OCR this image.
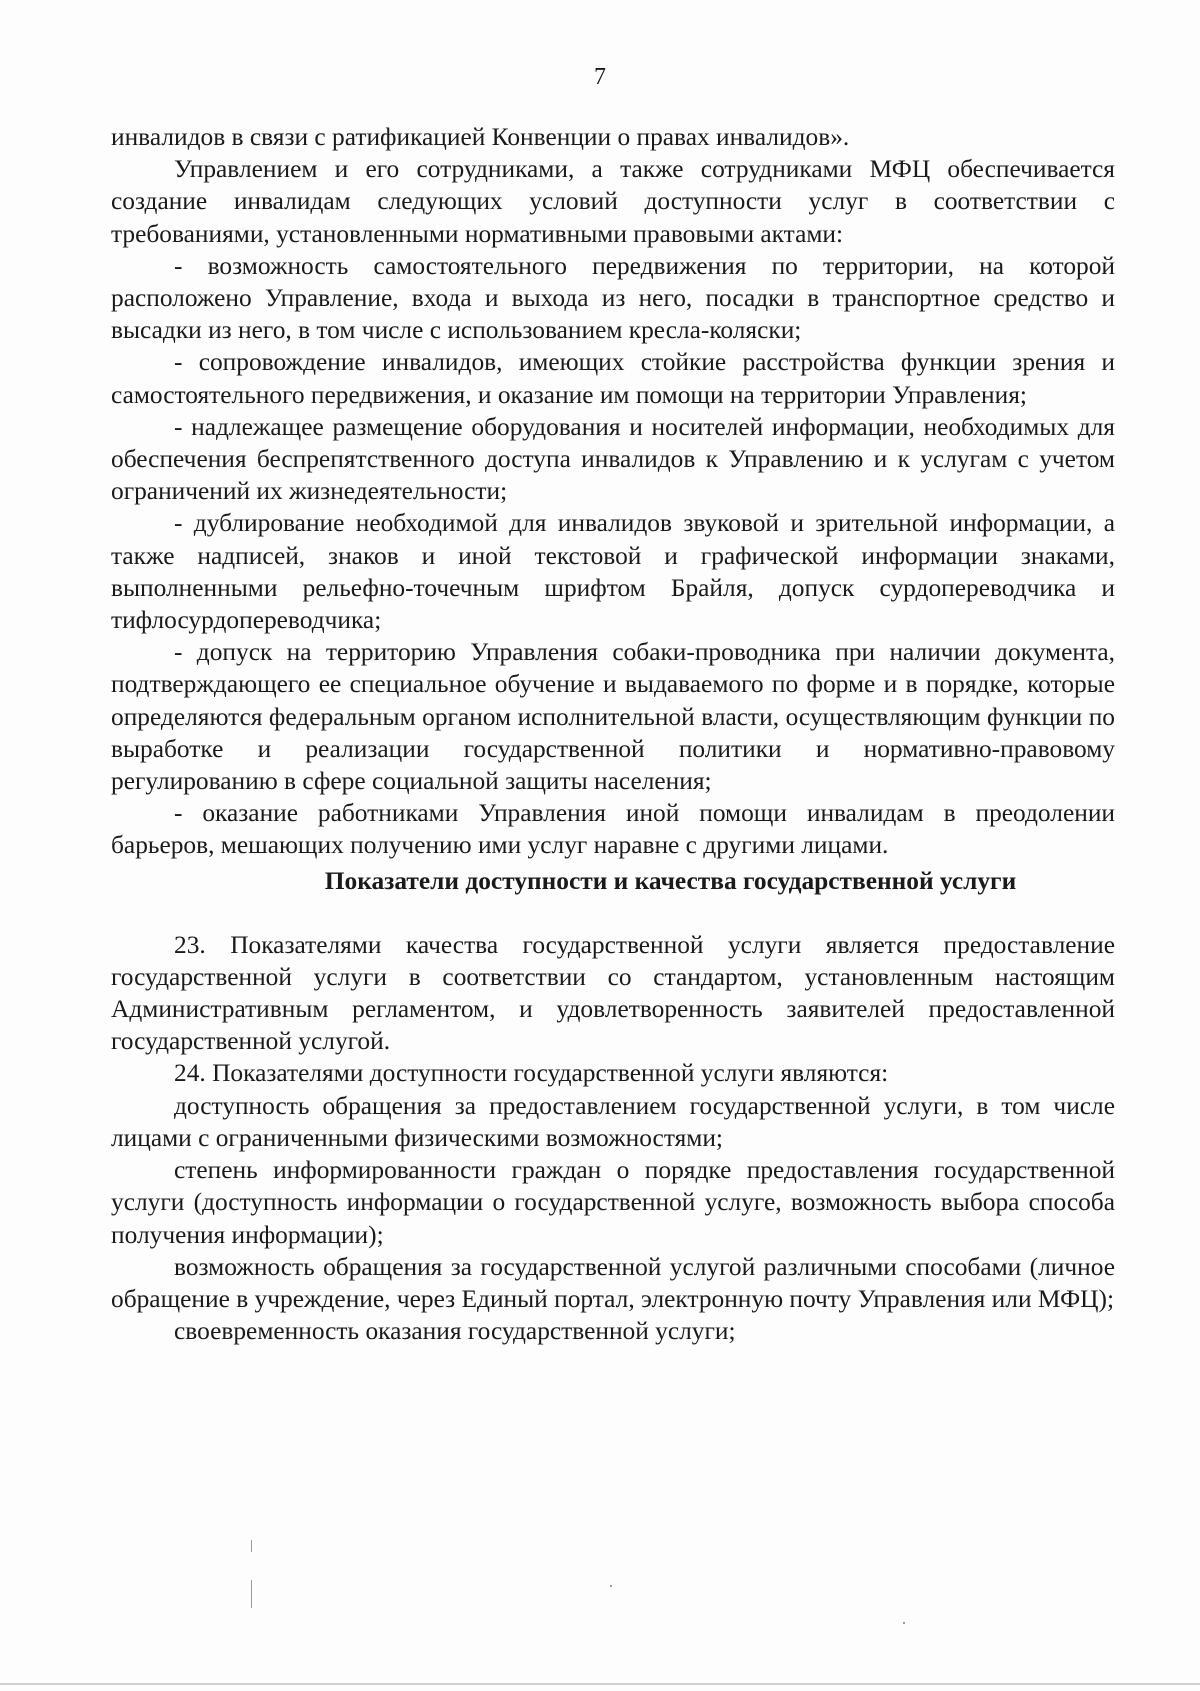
7

инвалидов в связи с ратификацией Конвенции о правах инвалидов».

Управлением и его сотрудниками, а также сотрудниками МФЦ обеспечивается создание инвалидам следующих условий доступности услуг в соответствии с требованиями, установленными нормативными правовыми актами:

- возможность самостоятельного передвижения по территории, на которой расположено Управление, входа и выхода из него, посадки в транспортное средство и высадки из него, в том числе с использованием кресла-коляски;

- сопровождение инвалидов, имеющих стойкие расстройства функции зрения и самостоятельного передвижения, и оказание им помощи на территории Управления;

- надлежащее размещение оборудования и носителей информации, необходимых для обеспечения беспрепятственного доступа инвалидов к Управлению и к услугам с учетом ограничений их жизнедеятельности;

- дублирование необходимой для инвалидов звуковой и зрительной информации, а также надписей, знаков и иной текстовой и графической информации знаками, выполненными рельефно-точечным шрифтом Брайля, допуск сурдопереводчика и тифлосурдопереводчика;

- допуск на территорию Управления собаки-проводника при наличии документа, подтверждающего ее специальное обучение и выдаваемого по форме и в порядке, которые определяются федеральным органом исполнительной власти, осуществляющим функции по выработке и реализации государственной политики и нормативно-правовому регулированию в сфере социальной защиты населения;

- оказание работниками Управления иной помощи инвалидам в преодолении барьеров, мешающих получению ими услуг наравне с другими лицами.

Показатели доступности и качества государственной услуги

23. Показателями качества государственной услуги является предоставление государственной услуги в соответствии со стандартом, установленным настоящим Административным регламентом, и удовлетворенность заявителей предоставленной государственной услугой.

24. Показателями доступности государственной услуги являются:

доступность обращения за предоставлением государственной услуги, в том числе лицами с ограниченными физическими возможностями;

степень информированности граждан о порядке предоставления государственной услуги (доступность информации о государственной услуге, возможность выбора способа получения информации);

возможность обращения за государственной услугой различными способами (личное обращение в учреждение, через Единый портал, электронную почту Управления или МФЦ);

своевременность оказания государственной услуги;
